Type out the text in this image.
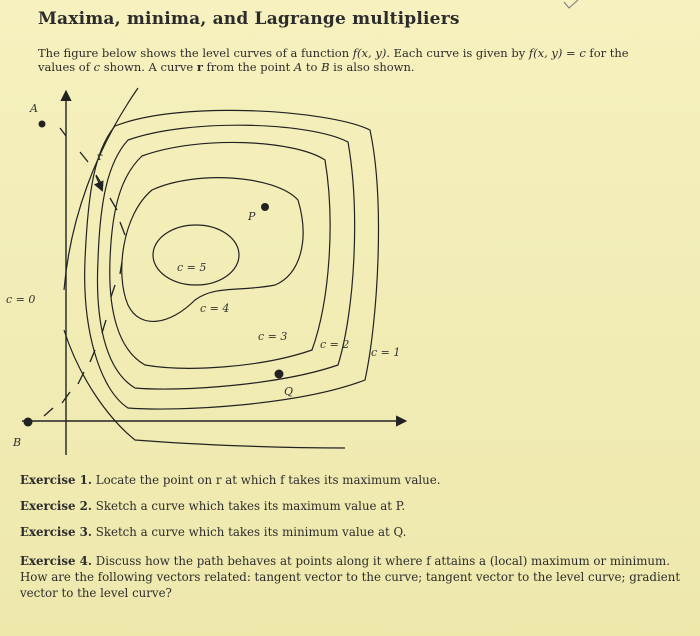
Maxima, minima, and Lagrange multipliers
The figure below shows the level curves of a function f(x, y). Each curve is given by f(x, y) = c for the values of c shown. A curve r from the point A to B is also shown.
A
B
P
Q
c = 0
c = 1
c = 2
c = 3
c = 4
c = 5
r
Exercise 1. Locate the point on r at which f takes its maximum value.
Exercise 2. Sketch a curve which takes its maximum value at P.
Exercise 3. Sketch a curve which takes its minimum value at Q.
Exercise 4. Discuss how the path behaves at points along it where f attains a (local) maximum or minimum. How are the following vectors related: tangent vector to the curve; tangent vector to the level curve; gradient vector to the level curve?
